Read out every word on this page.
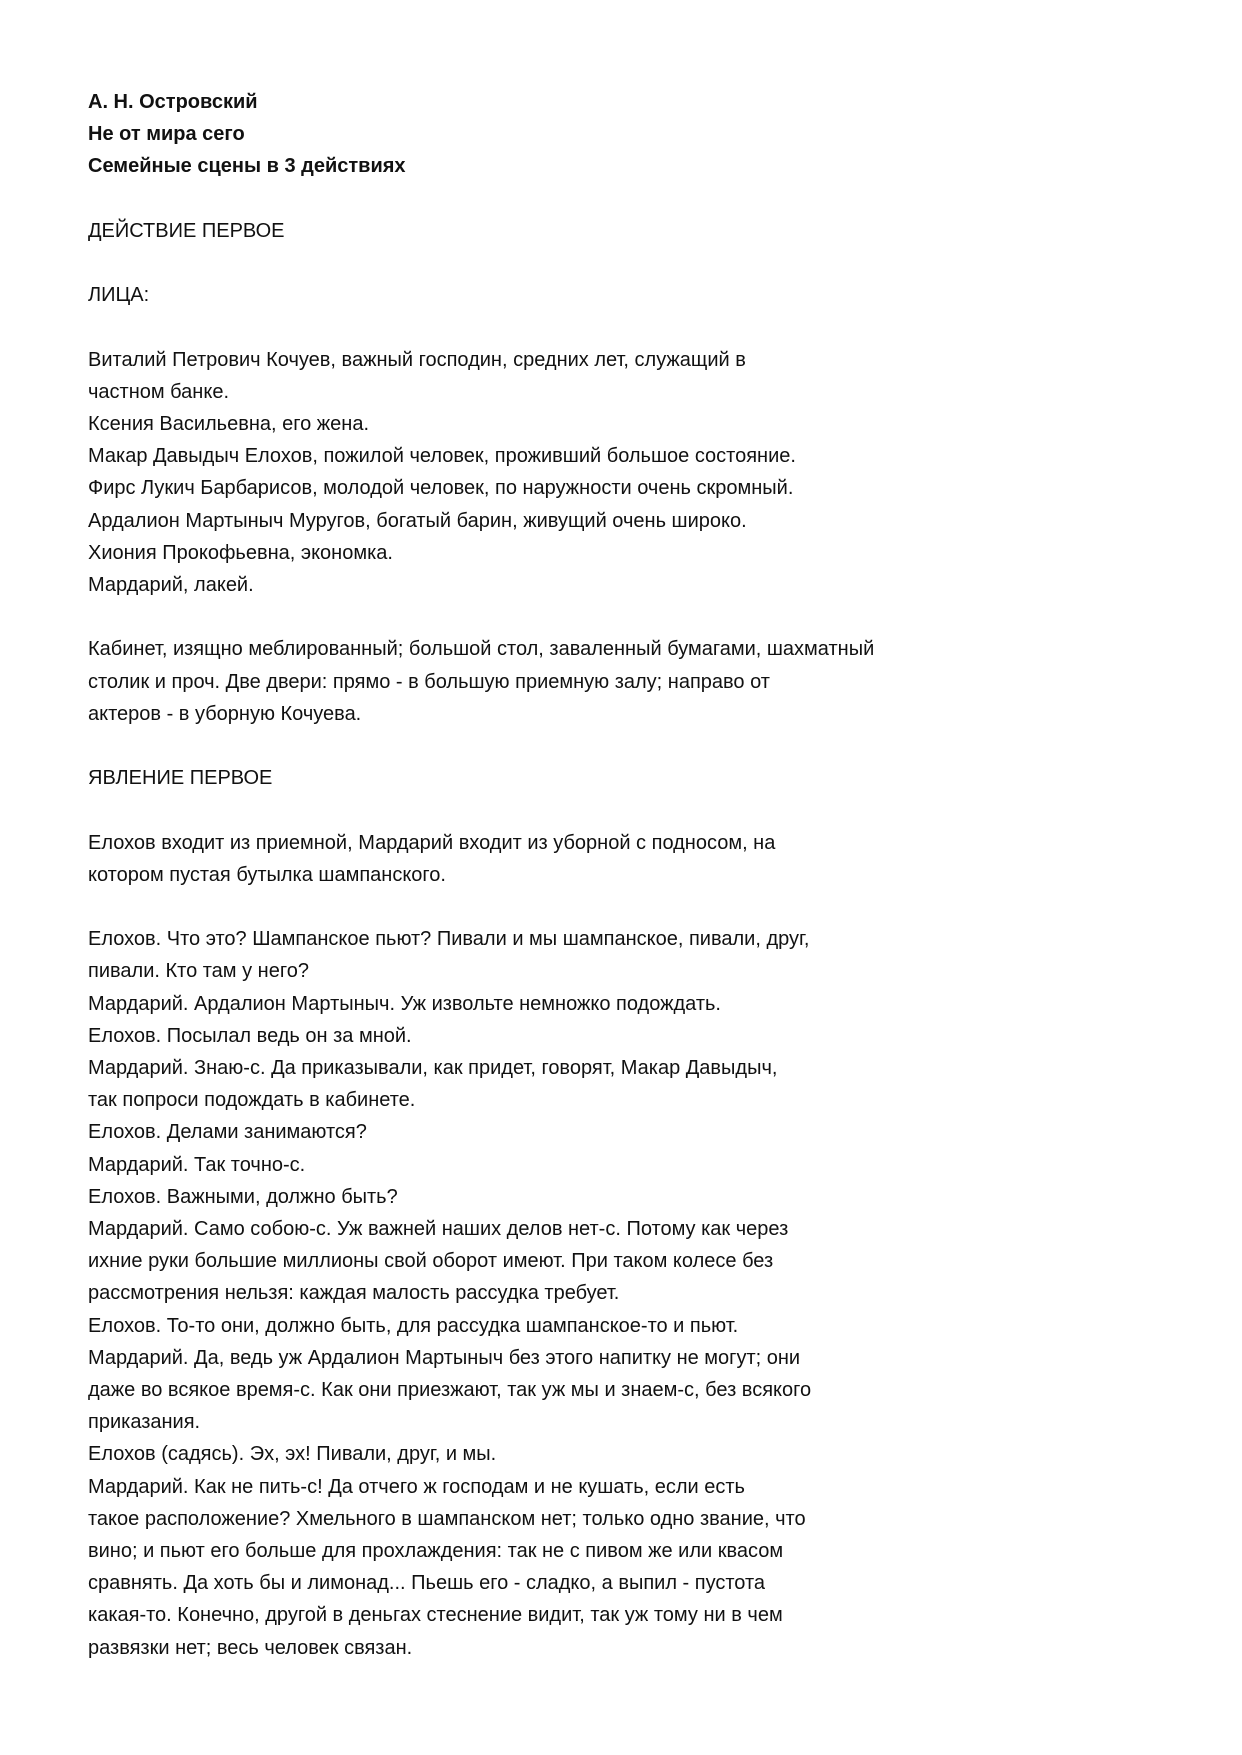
А. Н. Островский
Не от мира сего
Семейные сцены в 3 действиях
ДЕЙСТВИЕ ПЕРВОЕ
ЛИЦА:
Виталий Петрович Кочуев, важный господин, средних лет, служащий в
частном банке.
Ксения Васильевна, его жена.
Макар Давыдыч Елохов, пожилой человек, проживший большое состояние.
Фирс Лукич Барбарисов, молодой человек, по наружности очень скромный.
Ардалион Мартыныч Муругов, богатый барин, живущий очень широко.
Хиония Прокофьевна, экономка.
Мардарий, лакей.
Кабинет, изящно меблированный; большой стол, заваленный бумагами, шахматный
столик и проч. Две двери: прямо - в большую приемную залу; направо от
актеров - в уборную Кочуева.
ЯВЛЕНИЕ ПЕРВОЕ
Елохов входит из приемной, Мардарий входит из уборной с подносом, на
котором пустая бутылка шампанского.
Елохов. Что это? Шампанское пьют? Пивали и мы шампанское, пивали, друг,
пивали. Кто там у него?
Мардарий. Ардалион Мартыныч. Уж извольте немножко подождать.
Елохов. Посылал ведь он за мной.
Мардарий. Знаю-с. Да приказывали, как придет, говорят, Макар Давыдыч,
так попроси подождать в кабинете.
Елохов. Делами занимаются?
Мардарий. Так точно-с.
Елохов. Важными, должно быть?
Мардарий. Само собою-с. Уж важней наших делов нет-с. Потому как через
ихние руки большие миллионы свой оборот имеют. При таком колесе без
рассмотрения нельзя: каждая малость рассудка требует.
Елохов. То-то они, должно быть, для рассудка шампанское-то и пьют.
Мардарий. Да, ведь уж Ардалион Мартыныч без этого напитку не могут; они
даже во всякое время-с. Как они приезжают, так уж мы и знаем-с, без всякого
приказания.
Елохов (садясь). Эх, эх! Пивали, друг, и мы.
Мардарий. Как не пить-с! Да отчего ж господам и не кушать, если есть
такое расположение? Хмельного в шампанском нет; только одно звание, что
вино; и пьют его больше для прохлаждения: так не с пивом же или квасом
сравнять. Да хоть бы и лимонад... Пьешь его - сладко, а выпил - пустота
какая-то. Конечно, другой в деньгах стеснение видит, так уж тому ни в чем
развязки нет; весь человек связан.
